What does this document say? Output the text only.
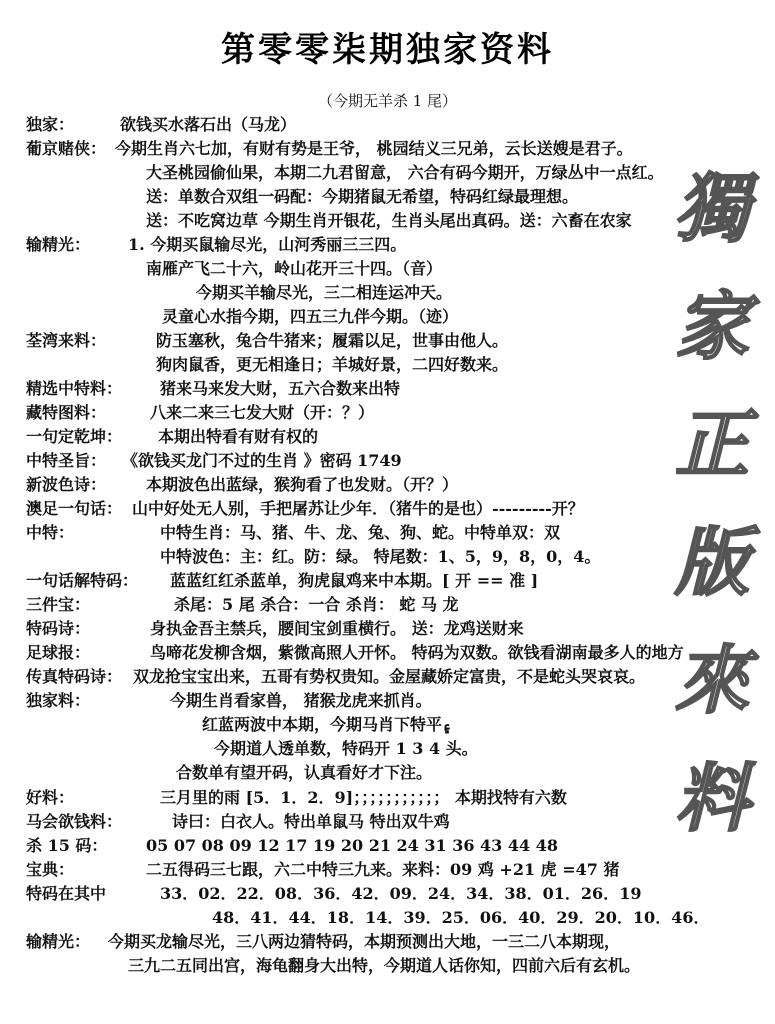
第零零柒期独家资料
（今期无羊杀 1 尾）
獨
家
正
版
來
料
独家：	欲钱买水落石出（马龙）
葡京赌侠： 今期生肖六七加，有财有势是王爷， 桃园结义三兄弟，云长送嫂是君子。
大圣桃园偷仙果，本期二九君留意， 六合有码今期开，万绿丛中一点红。
送：单数合双组一码配：今期猪鼠无希望，特码红绿最理想。
送：不吃窝边草 今期生肖开银花，生肖头尾出真码。送：六畜在农家
输精光： 1. 今期买鼠输尽光，山河秀丽三三四。
南雁产飞二十六，岭山花开三十四。（音）
今期买羊输尽光，三二相连运冲天。
灵童心水指今期，四五三九伴今期。（迹）
荃湾来料：	防玉塞秋，兔合牛猪来；履霜以足，世事由他人。
狗肉鼠香，更无相逢日；羊城好景，二四好数来。
精选中特料： 猪来马来发大财，五六合数来出特
藏特图料：	八来二来三七发大财（开：？）
一句定乾坤： 本期出特看有财有权的
中特圣旨： 《欲钱买龙门不过的生肖 》密码 1749
新波色诗： 本期波色出蓝绿，猴狗看了也发财。（开？）
澳足一句话： 山中好处无人别，手把屠苏让少年．（猪牛的是也）---------开？
中特：	中特生肖：马、猪、牛、龙、兔、狗、蛇。中特单双：双
中特波色：主：红。防：绿。 特尾数：1、5，9，8，0，4。
一句话解特码： 蓝蓝红红杀蓝单，狗虎鼠鸡来中本期。[ 开 == 准 ]
三件宝：	杀尾：5 尾 杀合：一合 杀肖： 蛇 马 龙
特码诗：	身执金吾主禁兵，腰间宝剑重横行。 送：龙鸡送财来
足球报：	鸟啼花发柳含烟，紫微高照人开怀。 特码为双数。欲钱看湖南最多人的地方
传真特码诗： 双龙抢宝宝出来，五哥有势权贵知。金屋藏娇定富贵，不是蛇头哭哀哀。
独家料：	今期生肖看家兽， 猪猴龙虎来抓肖。
红蓝两波中本期，今期马肖下特平۽
今期道人透单数，特码开 1 3 4 头。
合数单有望开码，认真看好才下注。
好料：	三月里的雨 [5．1．2．9]；；；；；；；；；；； 本期找特有六数
马会欲钱料：	诗曰：白衣人。特出单鼠马 特出双牛鸡
杀 15 码： 05 07 08 09 12 17 19 20 21 24 31 36 43 44 48
宝典：	二五得码三七跟，六二中特三九来。来料：09 鸡 +21 虎 =47 猪
特码在其中	33．02．22．08．36．42．09．24．34．38．01．26．19
48．41．44．18．14．39．25．06．40．29．20．10．46．
输精光： 今期买龙输尽光，三八两边猜特码，本期预测出大地，一三二八本期现，
三九二五同出宫，海龟翻身大出特，今期道人话你知，四前六后有玄机。
